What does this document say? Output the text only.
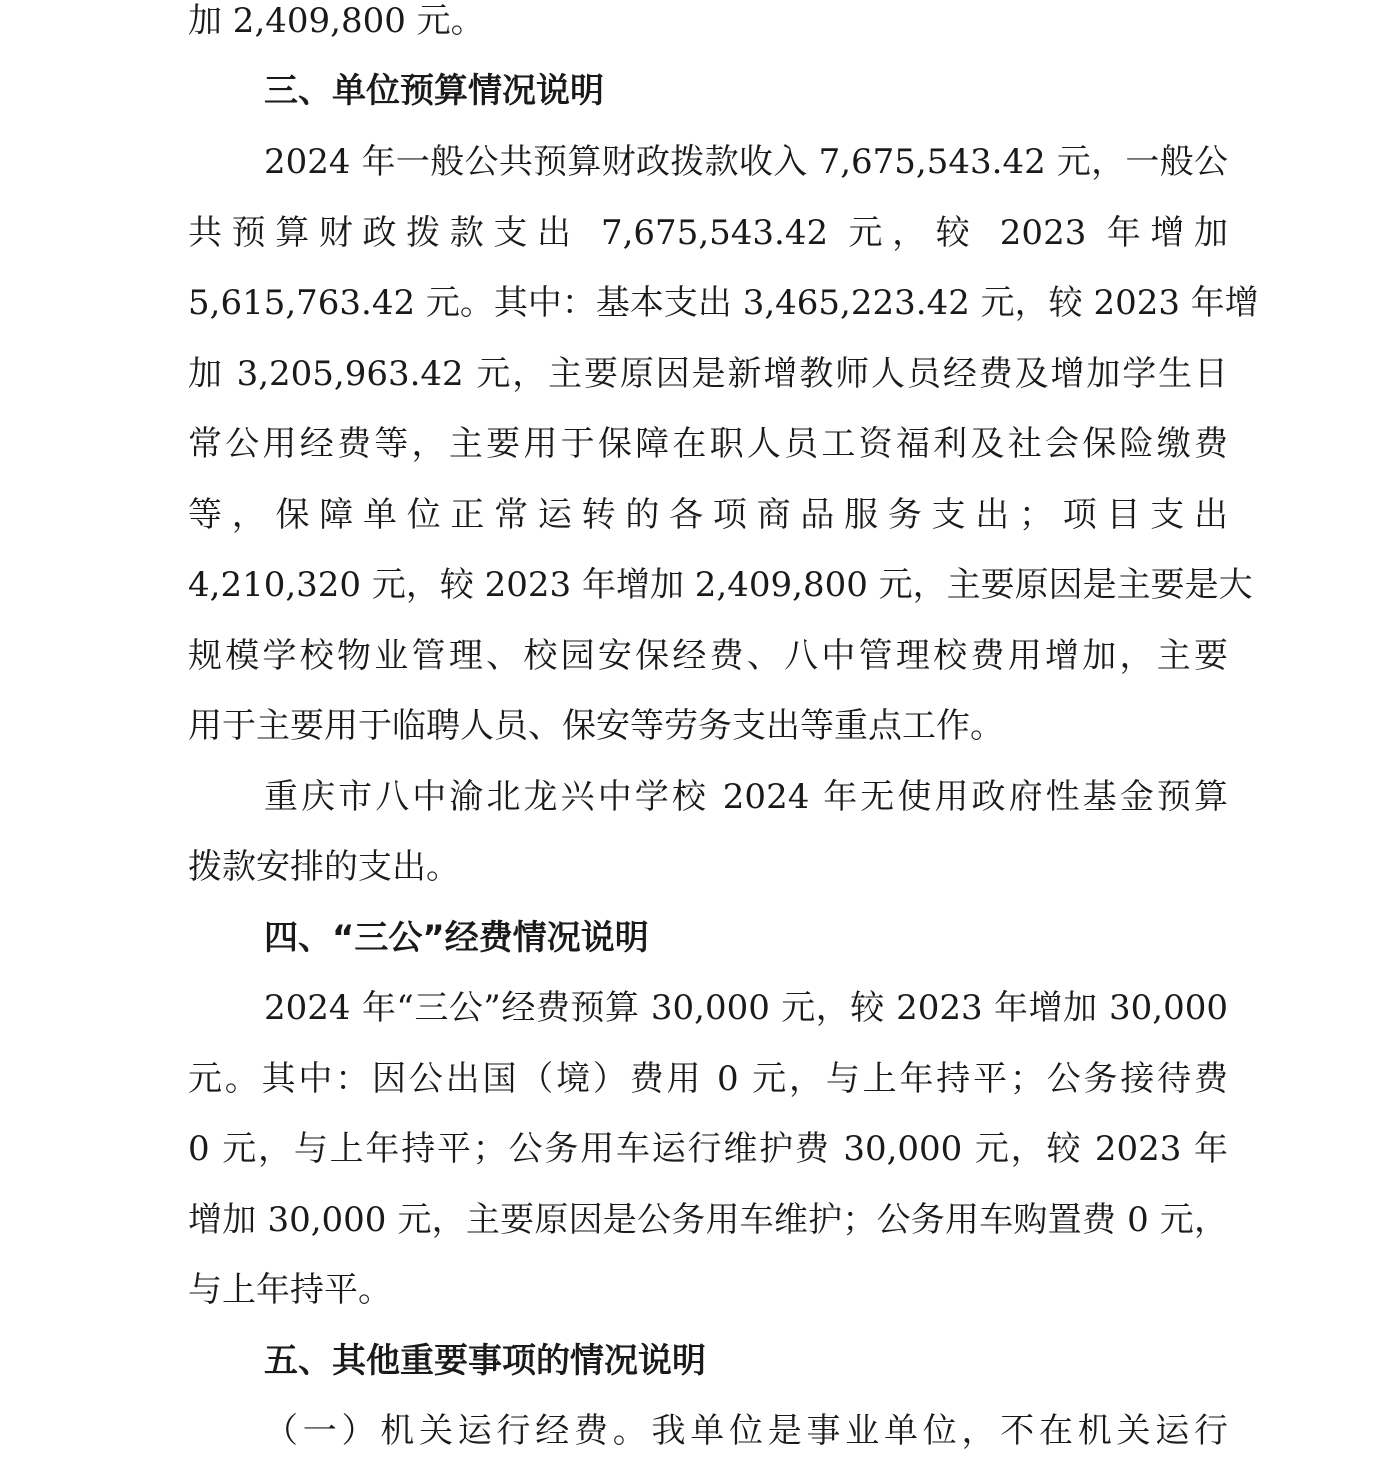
加 2,409,800 元。
三、单位预算情况说明
2024 年一般公共预算财政拨款收入 7,675,543.42 元，一般公
共预算财政拨款支出 7,675,543.42 元，较 2023 年增加
5,615,763.42 元。其中：基本支出 3,465,223.42 元，较 2023 年增
加 3,205,963.42 元，主要原因是新增教师人员经费及增加学生日
常公用经费等，主要用于保障在职人员工资福利及社会保险缴费
等，保障单位正常运转的各项商品服务支出；项目支出
4,210,320 元，较 2023 年增加 2,409,800 元，主要原因是主要是大
规模学校物业管理、校园安保经费、八中管理校费用增加，主要
用于主要用于临聘人员、保安等劳务支出等重点工作。
重庆市八中渝北龙兴中学校 2024 年无使用政府性基金预算
拨款安排的支出。
四、“三公”经费情况说明
2024 年“三公”经费预算 30,000 元，较 2023 年增加 30,000
元。其中：因公出国（境）费用 0 元，与上年持平；公务接待费
0 元，与上年持平；公务用车运行维护费 30,000 元，较 2023 年
增加 30,000 元，主要原因是公务用车维护；公务用车购置费 0 元，
与上年持平。
五、其他重要事项的情况说明
（一）机关运行经费。我单位是事业单位，不在机关运行
